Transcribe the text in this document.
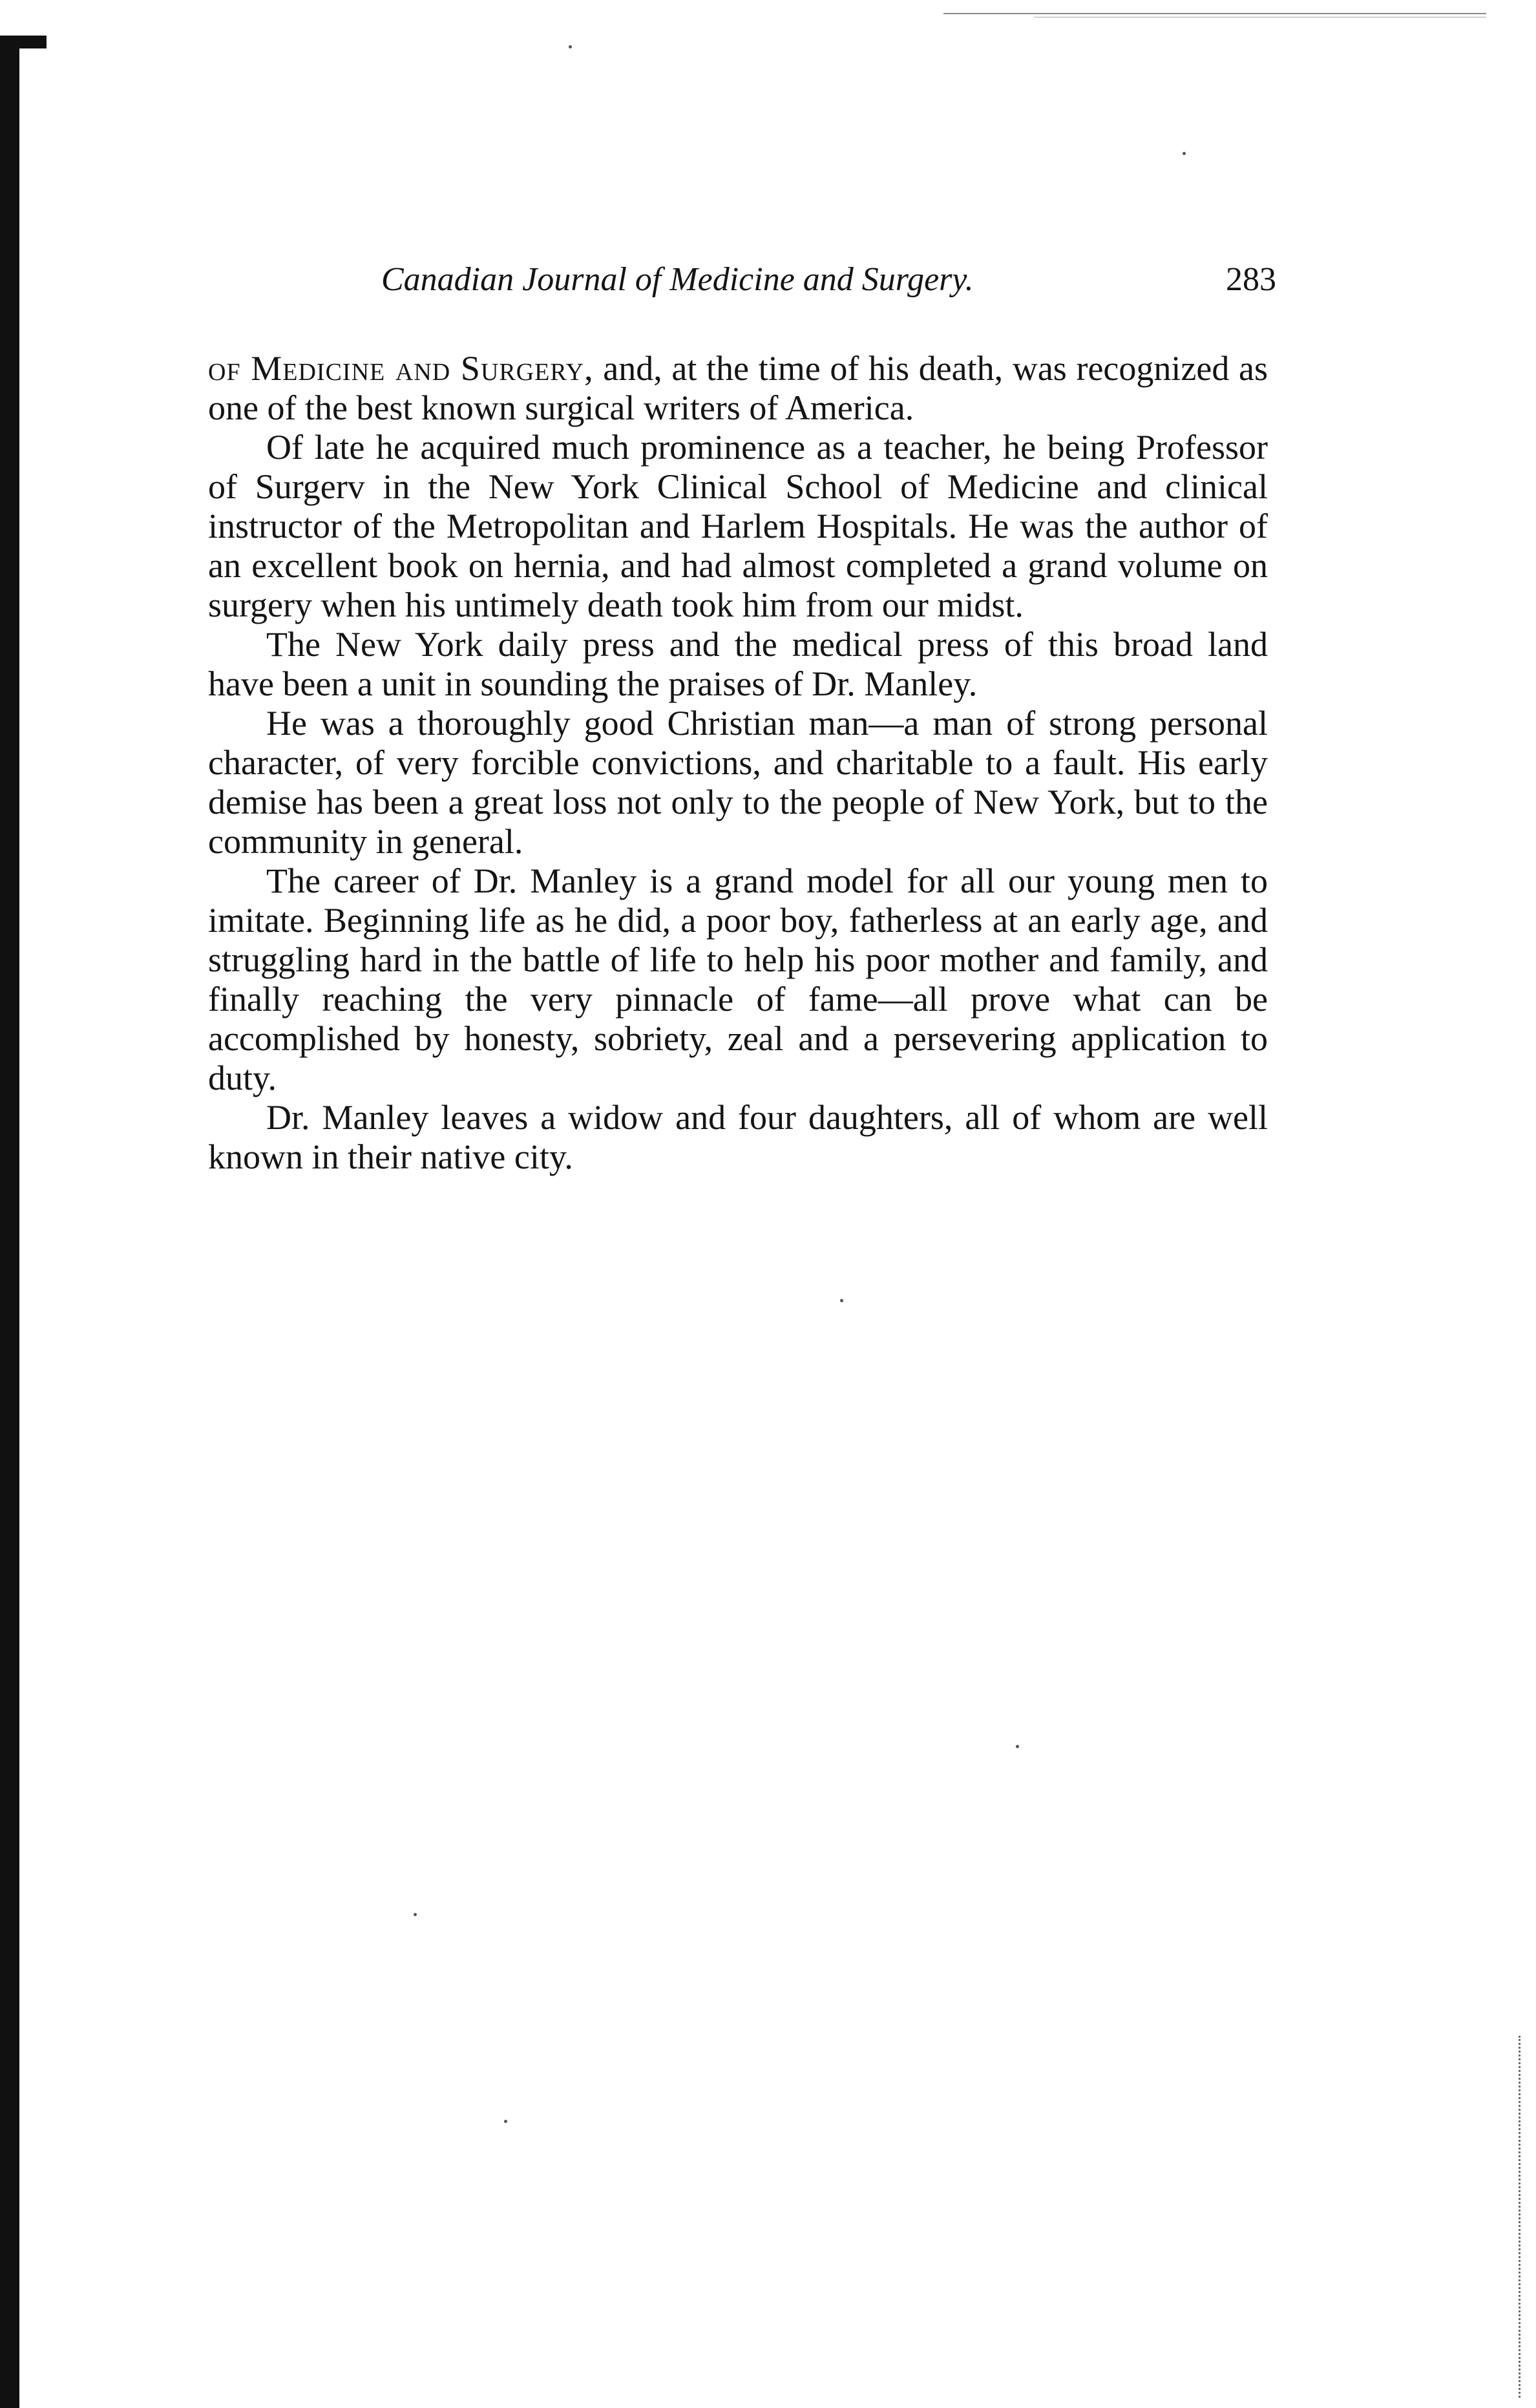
Canadian Journal of Medicine and Surgery.	283

of Medicine and Surgery, and, at the time of his death, was recognized as one of the best known surgical writers of America.

Of late he acquired much prominence as a teacher, he being Professor of Surgerv in the New York Clinical School of Medicine and clinical instructor of the Metropolitan and Harlem Hospitals. He was the author of an excellent book on hernia, and had almost completed a grand volume on surgery when his untimely death took him from our midst.

The New York daily press and the medical press of this broad land have been a unit in sounding the praises of Dr. Manley.

He was a thoroughly good Christian man—a man of strong personal character, of very forcible convictions, and charitable to a fault. His early demise has been a great loss not only to the people of New York, but to the community in general.

The career of Dr. Manley is a grand model for all our young men to imitate. Beginning life as he did, a poor boy, fatherless at an early age, and struggling hard in the battle of life to help his poor mother and family, and finally reaching the very pinnacle of fame—all prove what can be accomplished by honesty, sobriety, zeal and a persevering application to duty.

Dr. Manley leaves a widow and four daughters, all of whom are well known in their native city.
